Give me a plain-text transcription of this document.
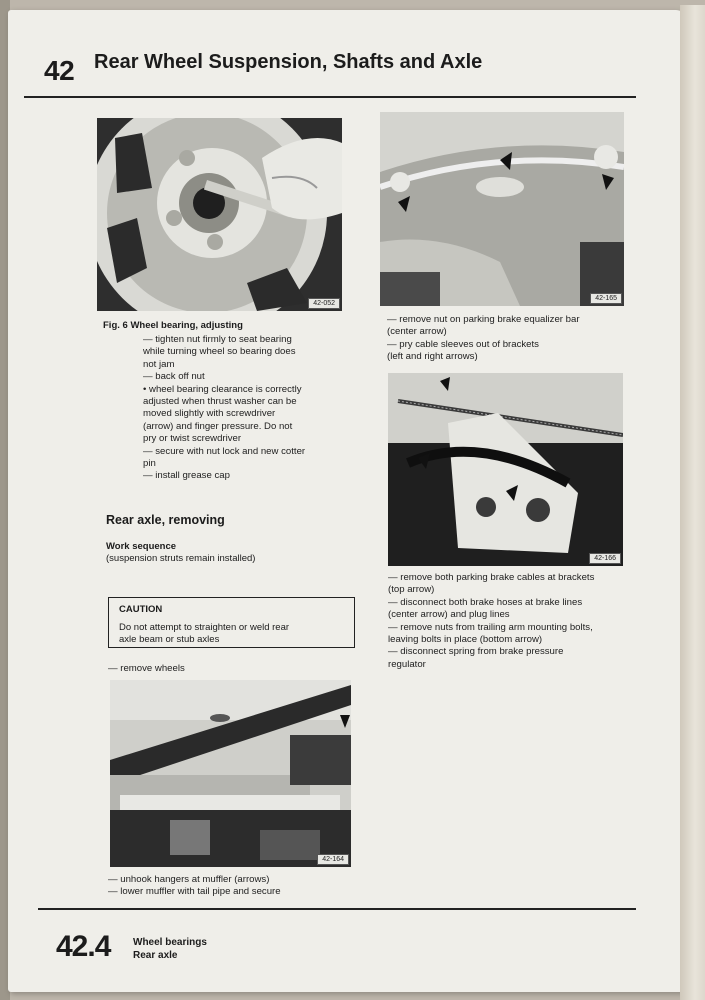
42 Rear Wheel Suspension, Shafts and Axle
42-052
Fig. 6 Wheel bearing, adjusting
— tighten nut firmly to seat bearing
while turning wheel so bearing does
not jam
— back off nut
• wheel bearing clearance is correctly
adjusted when thrust washer can be
moved slightly with screwdriver
(arrow) and finger pressure. Do not
pry or twist screwdriver
— secure with nut lock and new cotter
pin
— install grease cap
Rear axle, removing
Work sequence
(suspension struts remain installed)
CAUTION
Do not attempt to straighten or weld rear
axle beam or stub axles
— remove wheels
42-164
— unhook hangers at muffler (arrows)
— lower muffler with tail pipe and secure
42-165
— remove nut on parking brake equalizer bar
(center arrow)
— pry cable sleeves out of brackets
(left and right arrows)
42-166
— remove both parking brake cables at brackets
(top arrow)
— disconnect both brake hoses at brake lines
(center arrow) and plug lines
— remove nuts from trailing arm mounting bolts,
leaving bolts in place (bottom arrow)
— disconnect spring from brake pressure
regulator
42.4 Wheel bearings
Rear axle
